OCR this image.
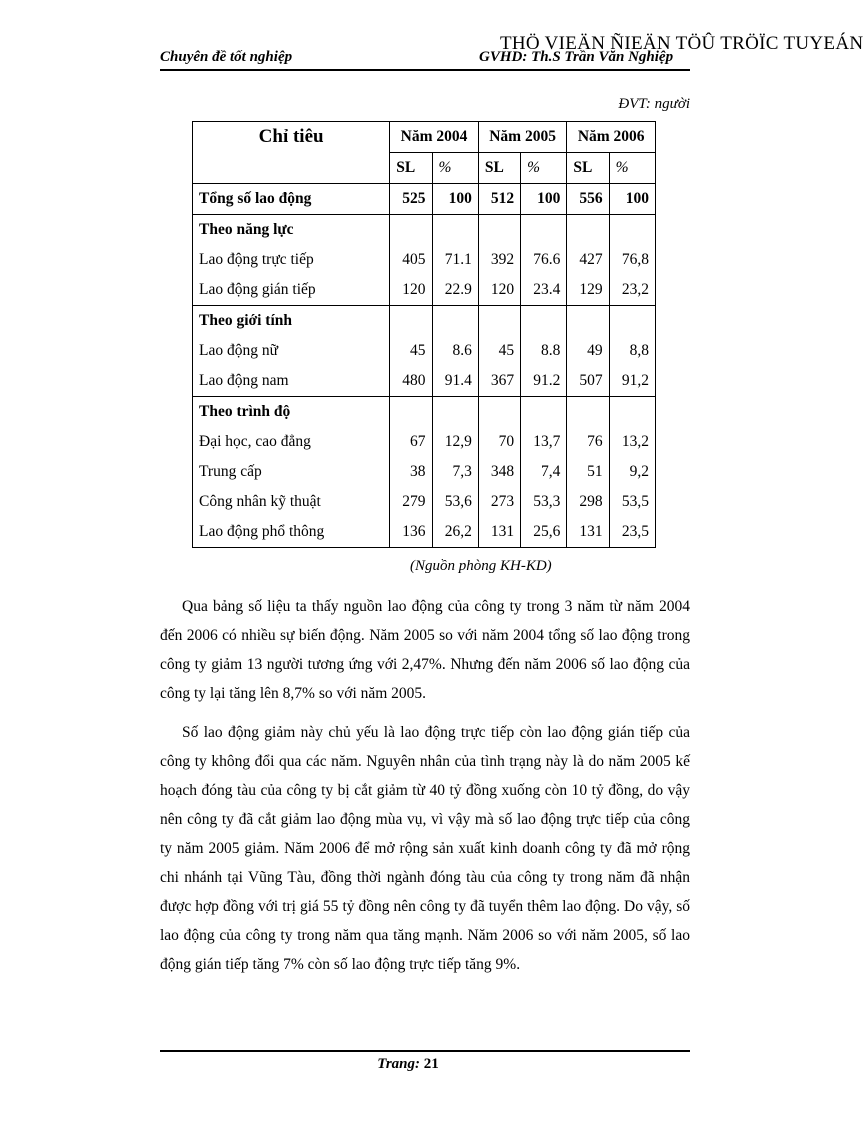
THÖ VIEÄN ÑIEÄN TÖÛ TRÖÏC TUYEÁN
Chuyên đề tốt nghiệp	GVHD: Th.S Trần Văn Nghiệp
ĐVT: người
Chỉ tiêu	Năm 2004		Năm 2005		Năm 2006	
	SL	%	SL	%	SL	%
Tổng số lao động	525	100	512	100	556	100
Theo năng lực						
Lao động trực tiếp	405	71.1	392	76.6	427	76,8
Lao động gián tiếp	120	22.9	120	23.4	129	23,2
Theo giới tính						
Lao động nữ	45	8.6	45	8.8	49	8,8
Lao động nam	480	91.4	367	91.2	507	91,2
Theo trình độ						
Đại học, cao đẳng	67	12,9	70	13,7	76	13,2
Trung cấp	38	7,3	348	7,4	51	9,2
Công nhân kỹ thuật	279	53,6	273	53,3	298	53,5
Lao động phổ thông	136	26,2	131	25,6	131	23,5
(Nguồn phòng KH-KD)

Qua bảng số liệu ta thấy nguồn lao động của công ty trong 3 năm từ năm 2004 đến 2006 có nhiều sự biến động. Năm 2005 so với năm 2004 tổng số lao động trong công ty giảm 13 người tương ứng với 2,47%. Nhưng đến năm 2006 số lao động của công ty lại tăng lên 8,7% so với năm 2005.

Số lao động giảm này chủ yếu là lao động trực tiếp còn lao động gián tiếp của công ty không đổi qua các năm. Nguyên nhân của tình trạng này là do năm 2005 kế hoạch đóng tàu của công ty bị cắt giảm từ 40 tỷ đồng xuống còn 10 tỷ đồng, do vậy nên công ty đã cắt giảm lao động mùa vụ, vì vậy mà số lao động trực tiếp của công ty năm 2005 giảm. Năm 2006 để mở rộng sản xuất kinh doanh công ty đã mở rộng chi nhánh tại Vũng Tàu, đồng thời ngành đóng tàu của công ty trong năm đã nhận được hợp đồng với trị giá 55 tỷ đồng nên công ty đã tuyển thêm lao động. Do vậy, số lao động của công ty trong năm qua tăng mạnh. Năm 2006 so với năm 2005, số lao động gián tiếp tăng 7% còn số lao động trực tiếp tăng 9%.

Trang: 21
